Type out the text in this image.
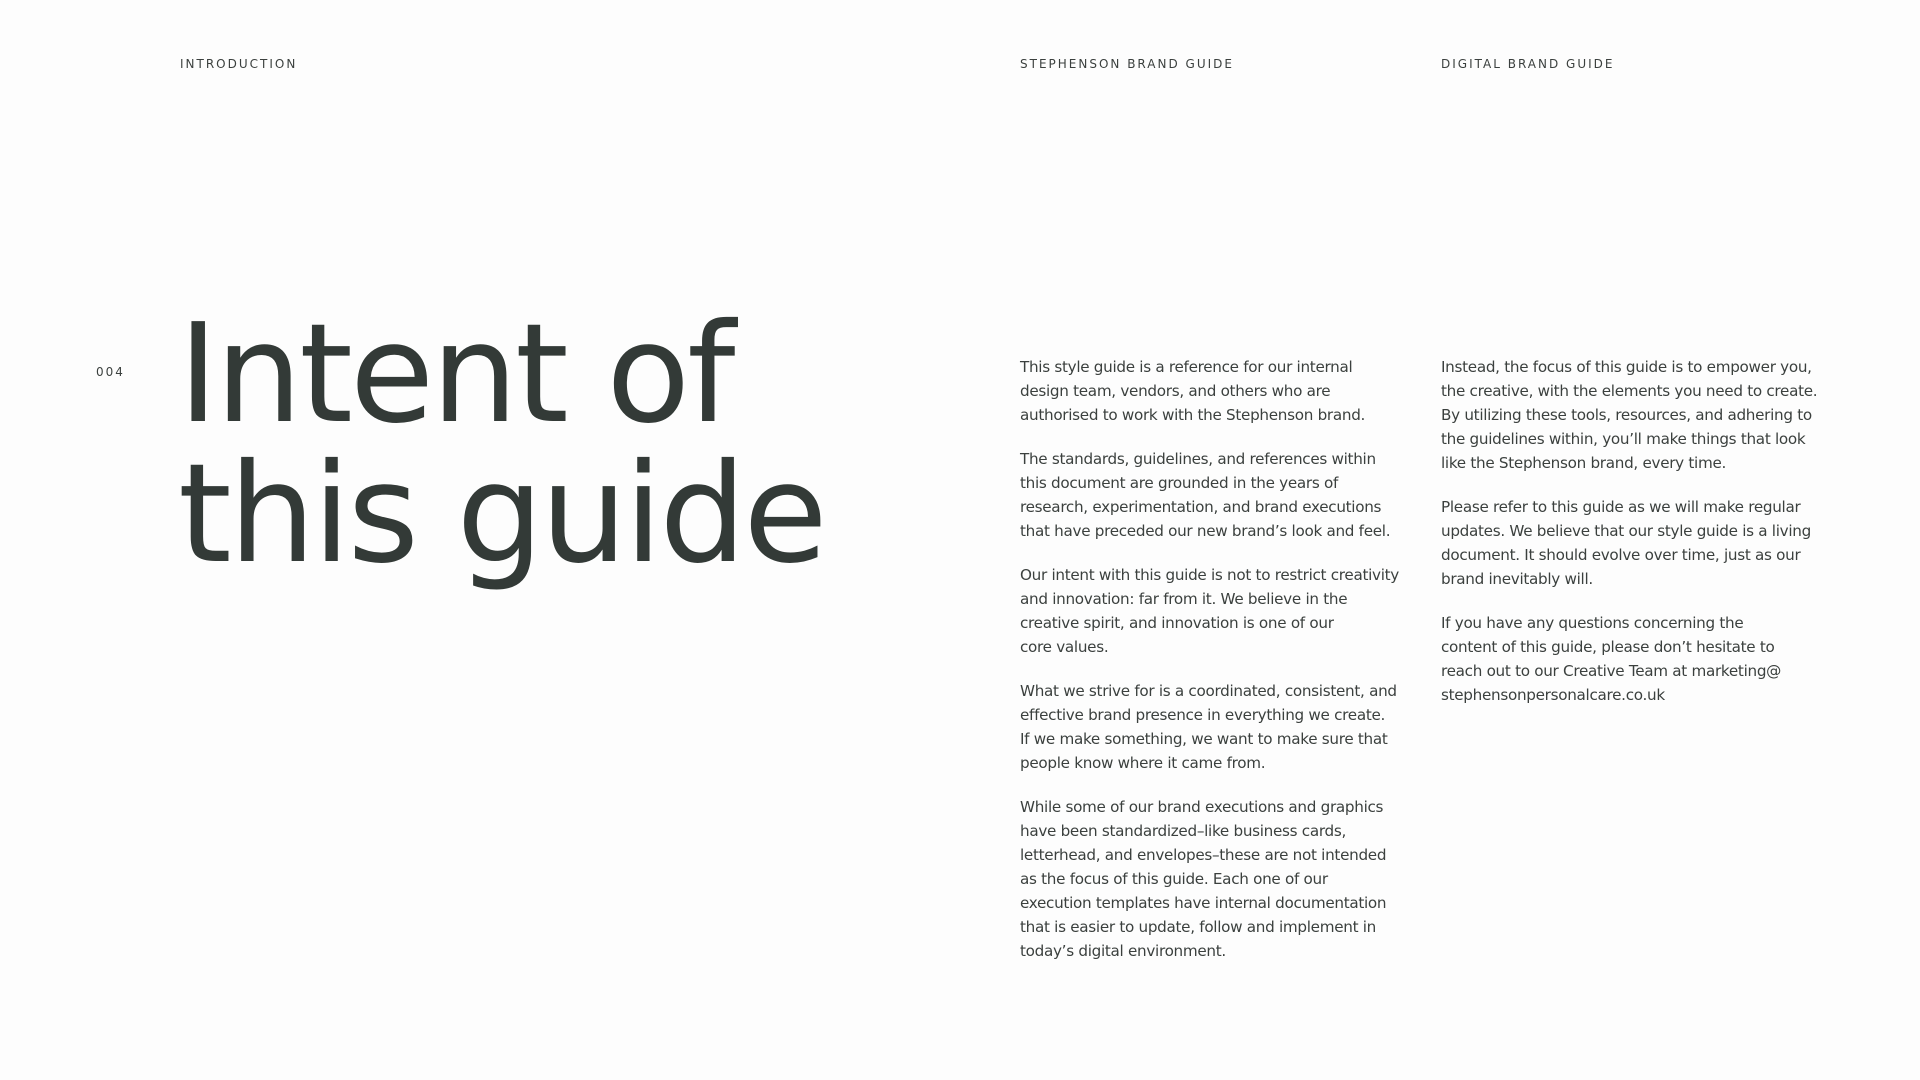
INTRODUCTION	STEPHENSON BRAND GUIDE	DIGITAL BRAND GUIDE
004 Intent of
this guide

This style guide is a reference for our internal
design team, vendors, and others who are
authorised to work with the Stephenson brand.

The standards, guidelines, and references within
this document are grounded in the years of
research, experimentation, and brand executions
that have preceded our new brand’s look and feel.

Our intent with this guide is not to restrict creativity
and innovation: far from it. We believe in the
creative spirit, and innovation is one of our
core values.

What we strive for is a coordinated, consistent, and
effective brand presence in everything we create.
If we make something, we want to make sure that
people know where it came from.

While some of our brand executions and graphics
have been standardized–like business cards,
letterhead, and envelopes–these are not intended
as the focus of this guide. Each one of our
execution templates have internal documentation
that is easier to update, follow and implement in
today’s digital environment.

Instead, the focus of this guide is to empower you,
the creative, with the elements you need to create.
By utilizing these tools, resources, and adhering to
the guidelines within, you’ll make things that look
like the Stephenson brand, every time.

Please refer to this guide as we will make regular
updates. We believe that our style guide is a living
document. It should evolve over time, just as our
brand inevitably will.

If you have any questions concerning the
content of this guide, please don’t hesitate to
reach out to our Creative Team at marketing@
stephensonpersonalcare.co.uk
